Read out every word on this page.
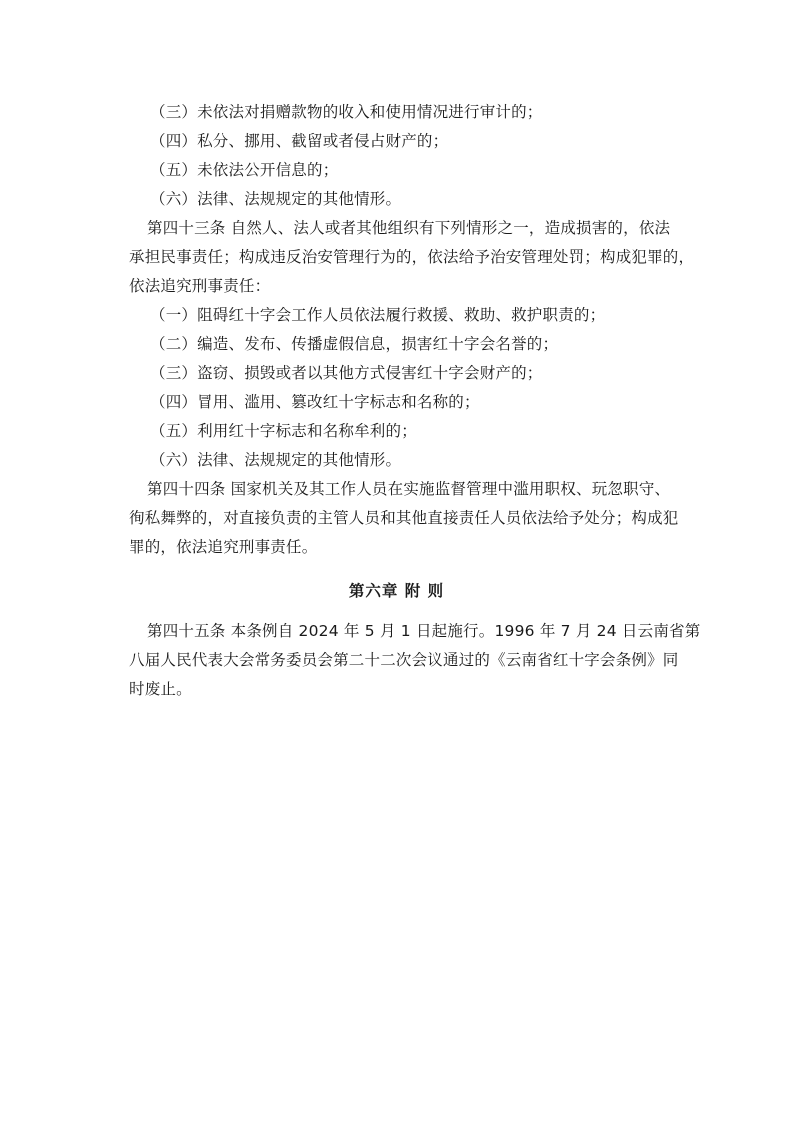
（三）未依法对捐赠款物的收入和使用情况进行审计的；
（四）私分、挪用、截留或者侵占财产的；
（五）未依法公开信息的；
（六）法律、法规规定的其他情形。
第四十三条 自然人、法人或者其他组织有下列情形之一，造成损害的，依法
承担民事责任；构成违反治安管理行为的，依法给予治安管理处罚；构成犯罪的，
依法追究刑事责任：
（一）阻碍红十字会工作人员依法履行救援、救助、救护职责的；
（二）编造、发布、传播虚假信息，损害红十字会名誉的；
（三）盗窃、损毁或者以其他方式侵害红十字会财产的；
（四）冒用、滥用、篡改红十字标志和名称的；
（五）利用红十字标志和名称牟利的；
（六）法律、法规规定的其他情形。
第四十四条 国家机关及其工作人员在实施监督管理中滥用职权、玩忽职守、
徇私舞弊的，对直接负责的主管人员和其他直接责任人员依法给予处分；构成犯
罪的，依法追究刑事责任。
第六章 附 则
第四十五条 本条例自 2024 年 5 月 1 日起施行。1996 年 7 月 24 日云南省第
八届人民代表大会常务委员会第二十二次会议通过的《云南省红十字会条例》同
时废止。
